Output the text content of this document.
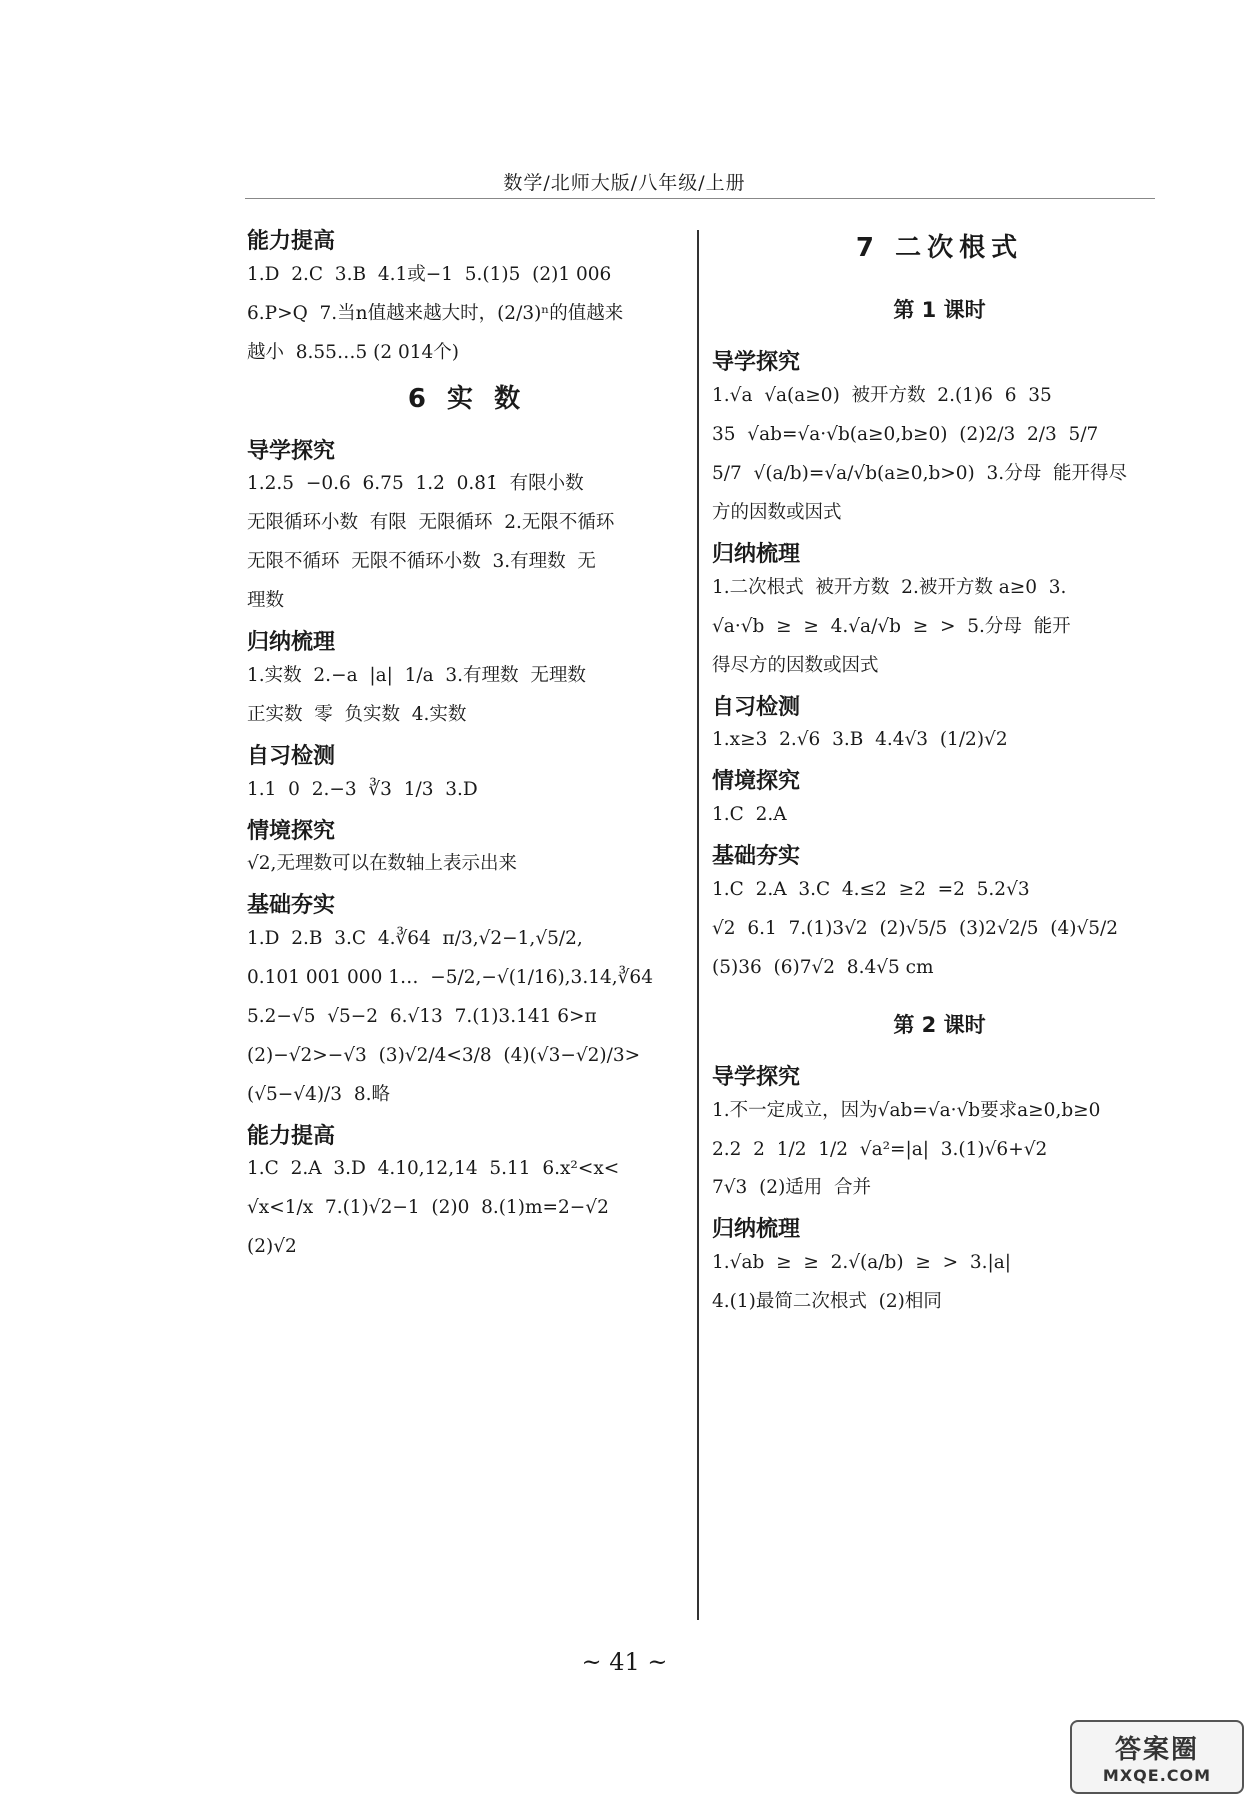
数学/北师大版/八年级/上册
能力提高
1.D  2.C  3.B  4.1或−1  5.(1)5  (2)1 006
6.P>Q  7.当n值越来越大时，(2/3)ⁿ的值越来
越小  8.55…5 (2 014个)
6 实 数
导学探究
1.2.5  −0.6  6.75  1.2̇  0.8̇1̇  有限小数
无限循环小数  有限  无限循环  2.无限不循环
无限不循环  无限不循环小数  3.有理数  无
理数
归纳梳理
1.实数  2.−a  |a|  1/a  3.有理数  无理数
正实数  零  负实数  4.实数
自习检测
1.1  0  2.−3  ∛3  1/3  3.D
情境探究
√2,无理数可以在数轴上表示出来
基础夯实
1.D  2.B  3.C  4.∛64  π/3,√2−1,√5/2,
0.101 001 000 1…  −5/2,−√(1/16),3.14,∛64
5.2−√5  √5−2  6.√13  7.(1)3.141 6>π
(2)−√2>−√3  (3)√2/4<3/8  (4)(√3−√2)/3>
(√5−√4)/3  8.略
能力提高
1.C  2.A  3.D  4.10,12,14  5.11  6.x²<x<
√x<1/x  7.(1)√2−1  (2)0  8.(1)m=2−√2
(2)√2
7 二次根式
第 1 课时
导学探究
1.√a  √a(a≥0)  被开方数  2.(1)6  6  35
35  √ab=√a·√b(a≥0,b≥0)  (2)2/3  2/3  5/7
5/7  √(a/b)=√a/√b(a≥0,b>0)  3.分母  能开得尽
方的因数或因式
归纳梳理
1.二次根式  被开方数  2.被开方数 a≥0  3.
√a·√b  ≥  ≥  4.√a/√b  ≥  >  5.分母  能开
得尽方的因数或因式
自习检测
1.x≥3  2.√6  3.B  4.4√3  (1/2)√2
情境探究
1.C  2.A
基础夯实
1.C  2.A  3.C  4.≤2  ≥2  =2  5.2√3
√2  6.1  7.(1)3√2  (2)√5/5  (3)2√2/5  (4)√5/2
(5)36  (6)7√2  8.4√5 cm
第 2 课时
导学探究
1.不一定成立，因为√ab=√a·√b要求a≥0,b≥0
2.2  2  1/2  1/2  √a²=|a|  3.(1)√6+√2
7√3  (2)适用  合并
归纳梳理
1.√ab  ≥  ≥  2.√(a/b)  ≥  >  3.|a|
4.(1)最简二次根式  (2)相同
~ 41 ~
答案圈
MXQE.COM
